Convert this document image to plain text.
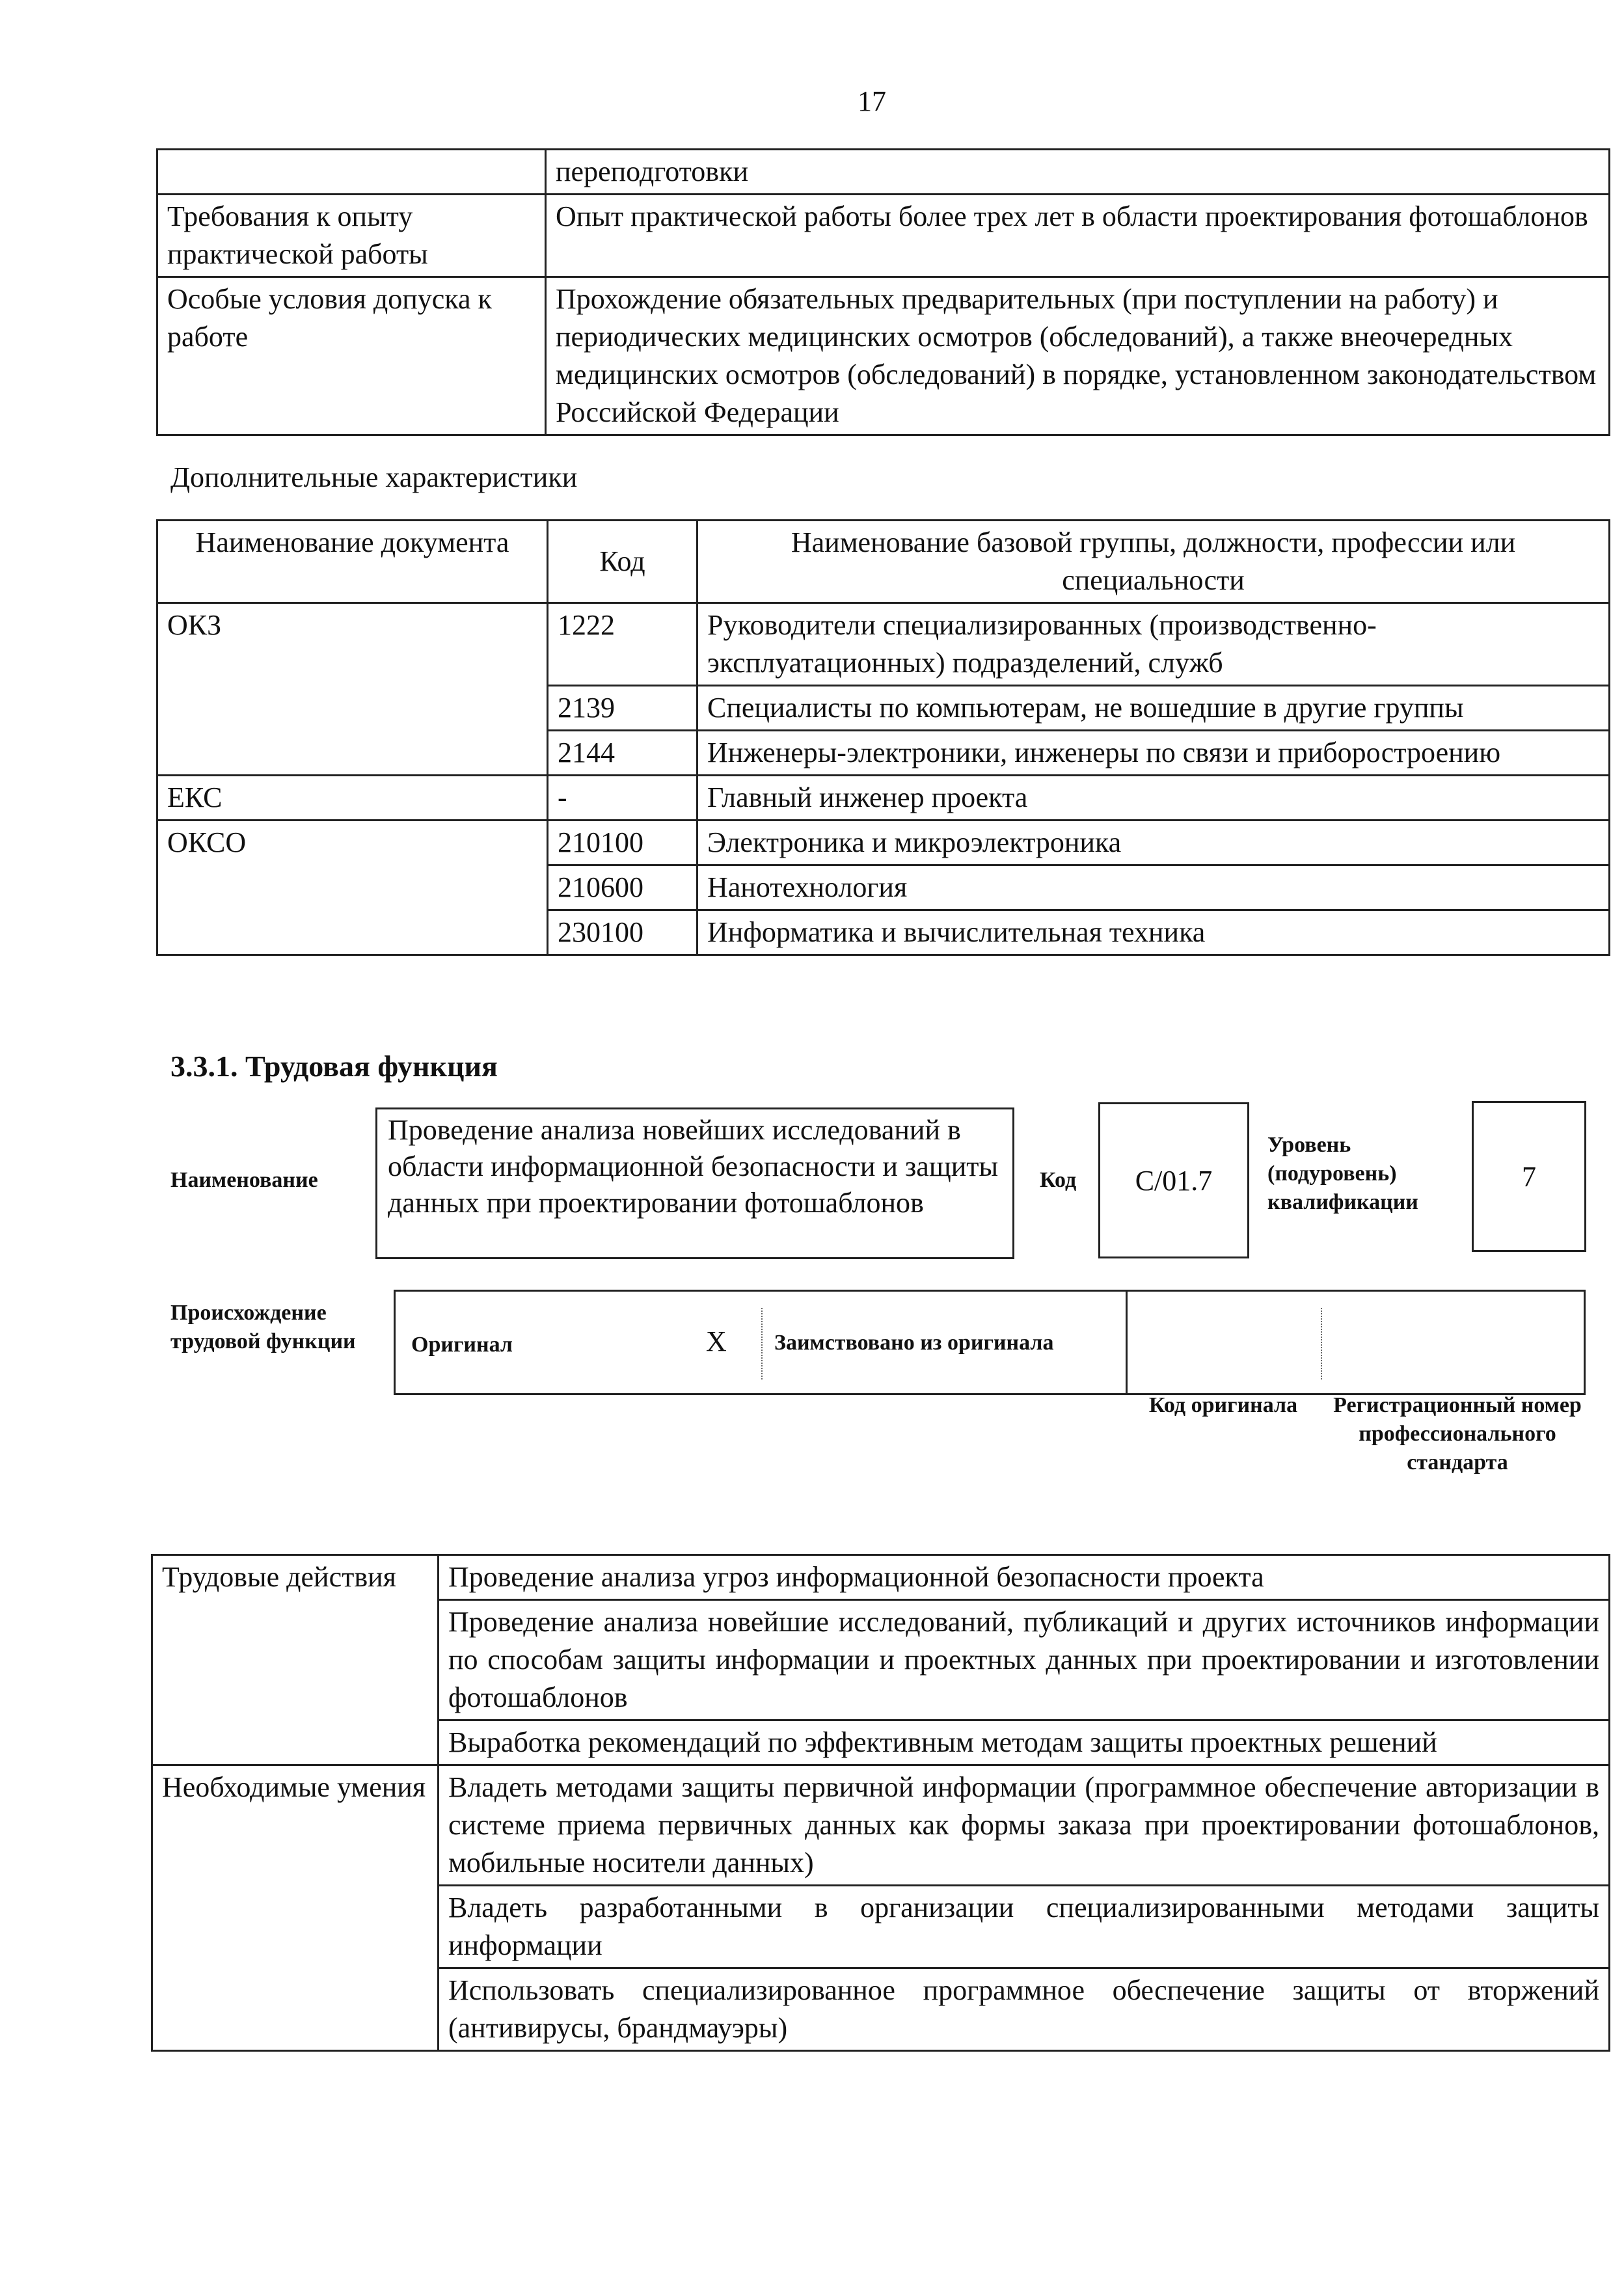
17
	переподготовки
Требования к опыту практической работы	Опыт практической работы более трех лет в области проектирования фотошаблонов
Особые условия допуска к работе	Прохождение обязательных предварительных (при поступлении на работу) и периодических медицинских осмотров (обследований), а также внеочередных медицинских осмотров (обследований) в порядке, установленном законодательством Российской Федерации
Дополнительные характеристики
Наименование документа	Код	Наименование базовой группы, должности, профессии или специальности
ОКЗ	1222	Руководители специализированных (производственно-эксплуатационных) подразделений, служб
	2139	Специалисты по компьютерам, не вошедшие в другие группы
	2144	Инженеры-электроники, инженеры по связи и приборостроению
ЕКС	-	Главный инженер проекта
ОКСО	210100	Электроника и микроэлектроника
	210600	Нанотехнология
	230100	Информатика и вычислительная техника
3.3.1. Трудовая функция
Наименование
Проведение анализа новейших исследований в области информационной безопасности и защиты данных при проектировании фотошаблонов
Код C/01.7
Уровень (подуровень) квалификации
7
Происхождение трудовой функции	Оригинал	X Заимствовано из оригинала
Код оригинала Регистрационный номер профессионального стандарта
Трудовые действия	Проведение анализа угроз информационной безопасности проекта
	Проведение анализа новейшие исследований, публикаций и других источников информации по способам защиты информации и проектных данных при проектировании и изготовлении фотошаблонов
	Выработка рекомендаций по эффективным методам защиты проектных решений
Необходимые умения	Владеть методами защиты первичной информации (программное обеспечение авторизации в системе приема первичных данных как формы заказа при проектировании фотошаблонов, мобильные носители данных)
	Владеть разработанными в организации специализированными методами защиты информации
	Использовать специализированное программное обеспечение защиты от вторжений (антивирусы, брандмауэры)
